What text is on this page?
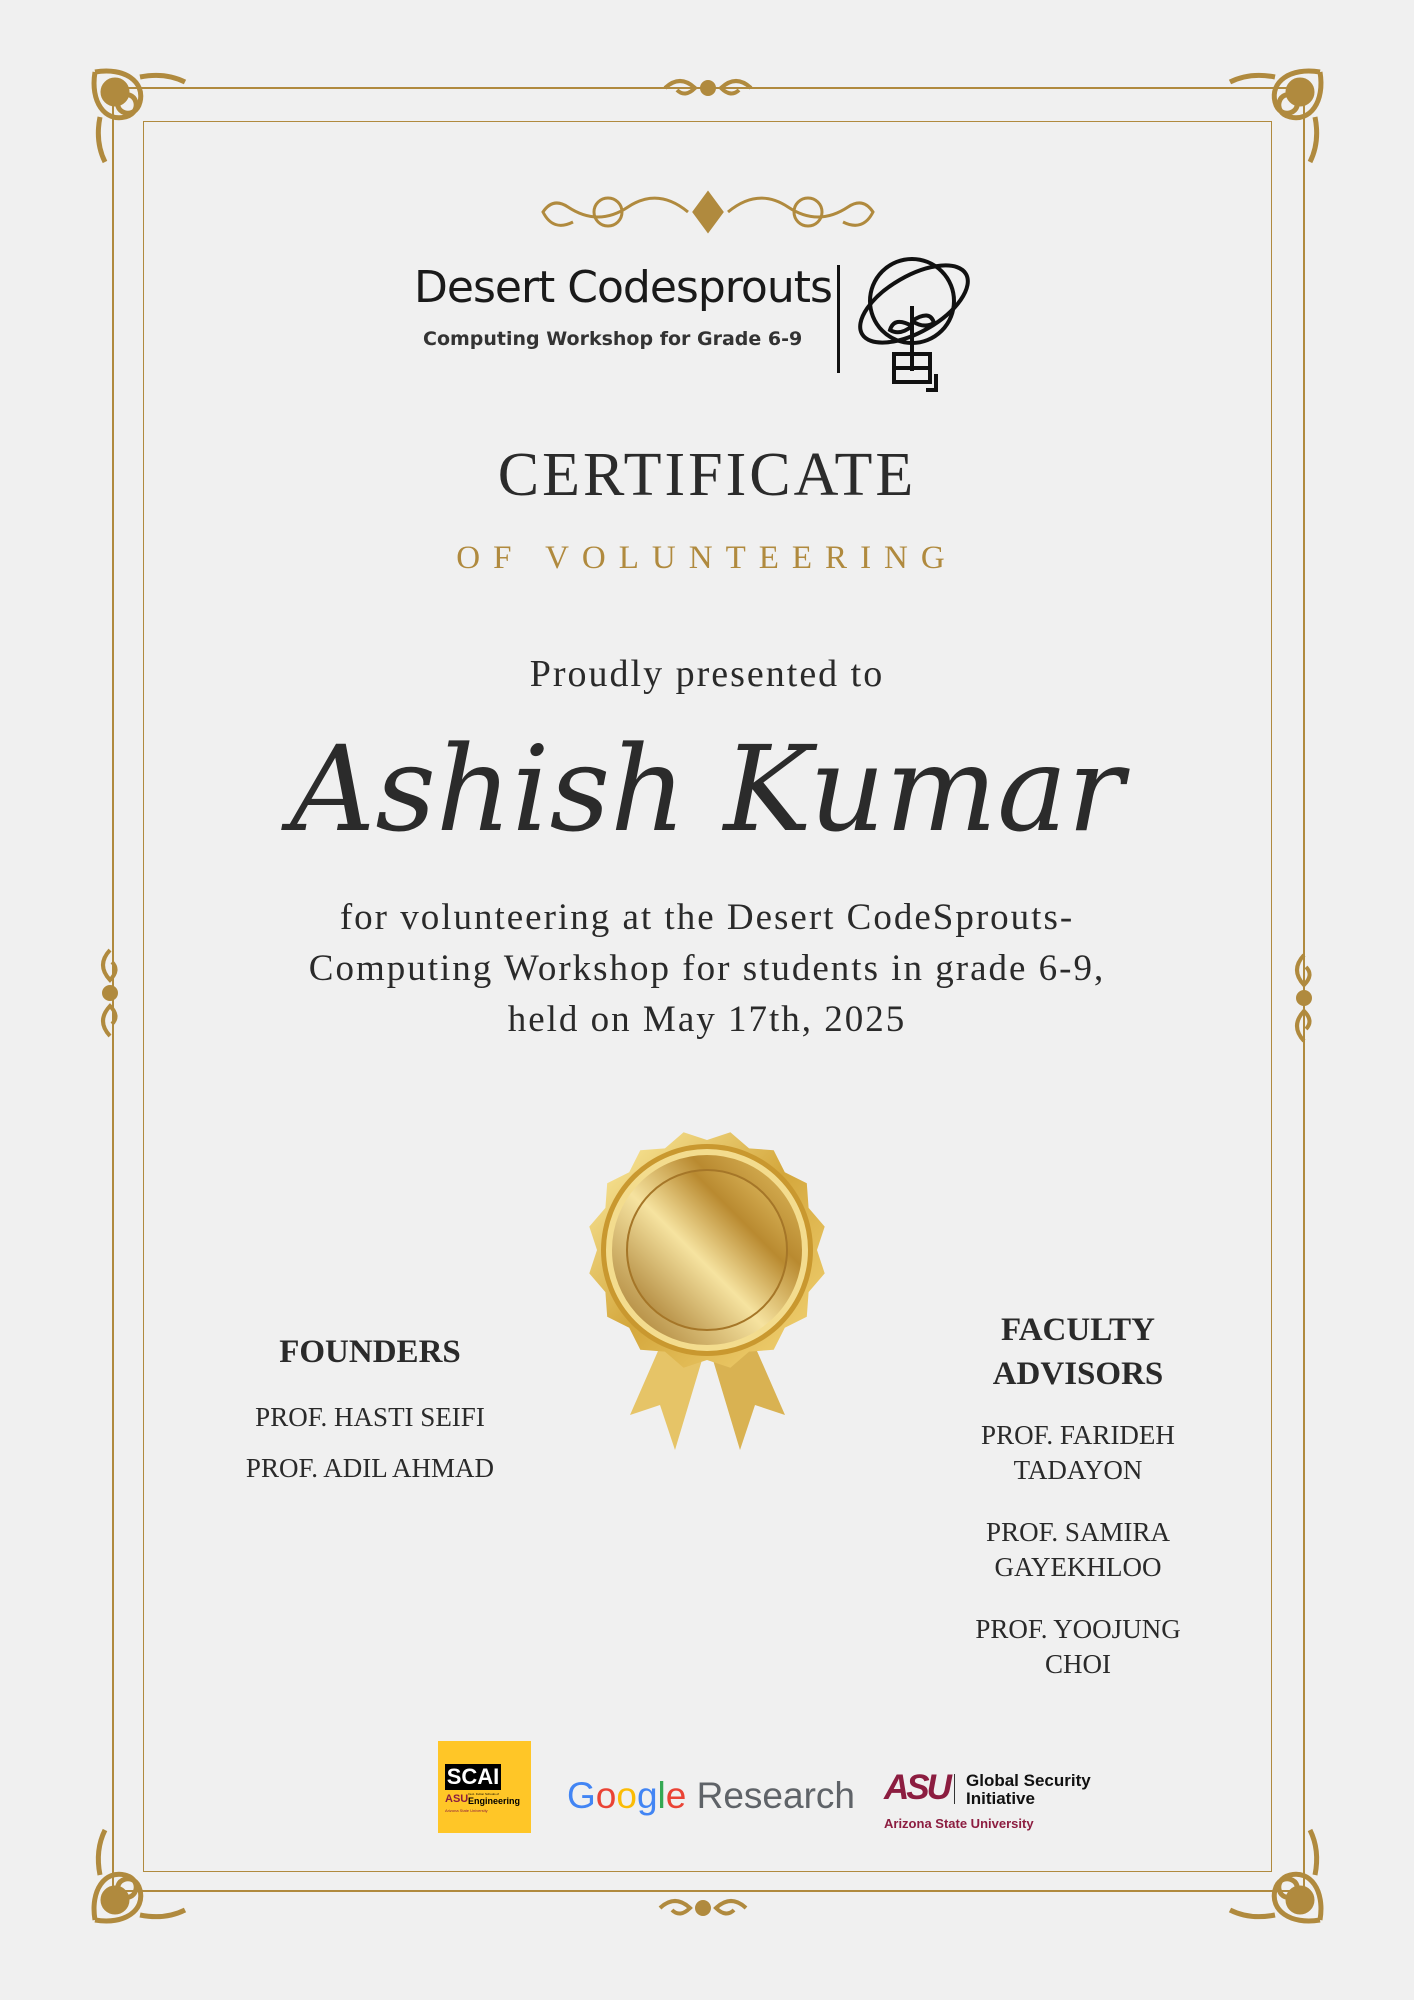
Desert Codesprouts
Computing Workshop for Grade 6-9
CERTIFICATE
OF VOLUNTEERING
Proudly presented to
Ashish Kumar
for volunteering at the Desert CodeSprouts-
Computing Workshop for students in grade 6-9,
held on May 17th, 2025
FOUNDERS
PROF. HASTI SEIFI
PROF. ADIL AHMAD
FACULTY
ADVISORS
PROF. FARIDEH
TADAYON
PROF. SAMIRA
GAYEKHLOO
PROF. YOOJUNG
CHOI
SCAI
ASU Ira A. Fulton Schools of
Engineering
Arizona State University Google Research ASU Global Security
Initiative
Arizona State University
